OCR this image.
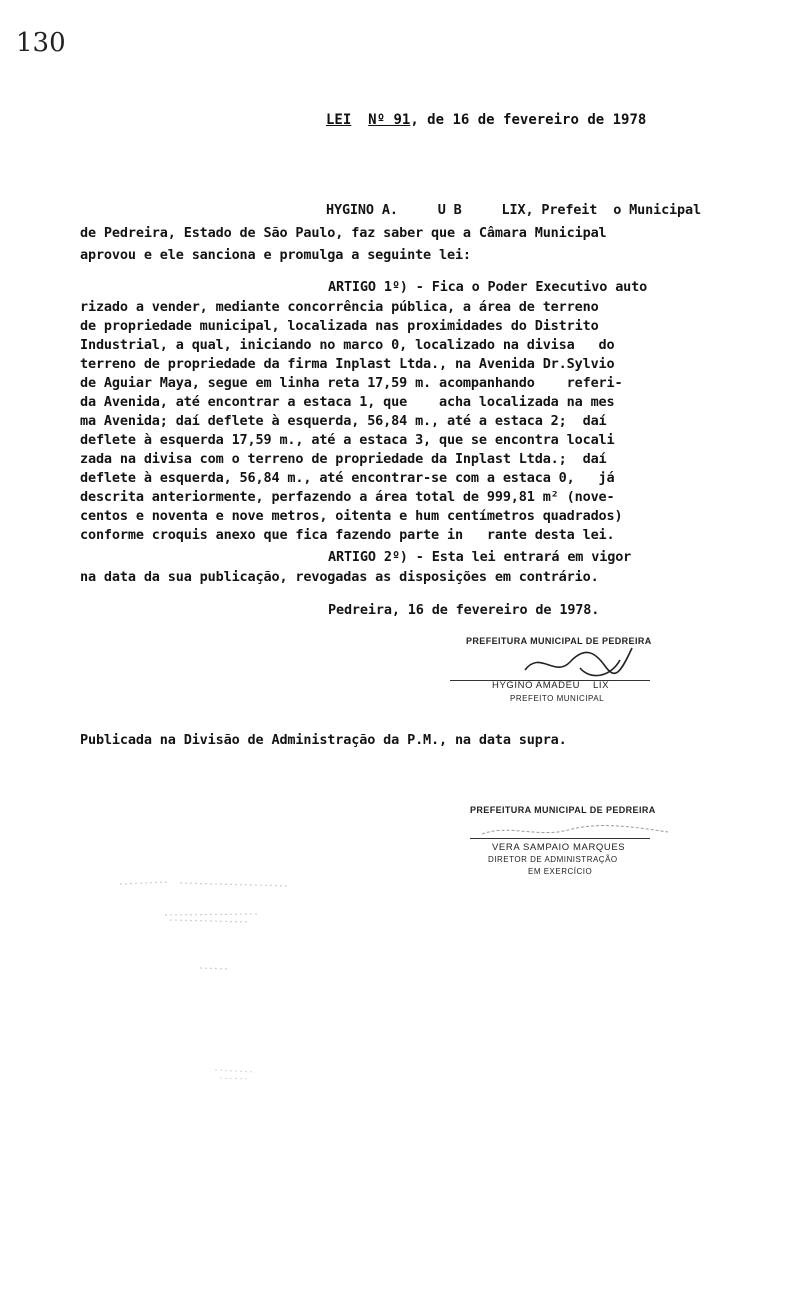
130
LEI Nº 91, de 16 de fevereiro de 1978
HYGINO A.     U B     LIX, Prefeit  o Municipal
de Pedreira, Estado de São Paulo, faz saber que a Câmara Municipal
aprovou e ele sanciona e promulga a seguinte lei:
ARTIGO 1º) - Fica o Poder Executivo auto
rizado a vender, mediante concorrência pública, a área de terreno
de propriedade municipal, localizada nas proximidades do Distrito
Industrial, a qual, iniciando no marco 0, localizado na divisa   do
terreno de propriedade da firma Inplast Ltda., na Avenida Dr.Sylvio
de Aguiar Maya, segue em linha reta 17,59 m. acompanhando    referi-
da Avenida, até encontrar a estaca 1, que    acha localizada na mes
ma Avenida; daí deflete à esquerda, 56,84 m., até a estaca 2;  daí
deflete à esquerda 17,59 m., até a estaca 3, que se encontra locali
zada na divisa com o terreno de propriedade da Inplast Ltda.;  daí
deflete à esquerda, 56,84 m., até encontrar-se com a estaca 0,   já
descrita anteriormente, perfazendo a área total de 999,81 m² (nove-
centos e noventa e nove metros, oitenta e hum centímetros quadrados)
conforme croquis anexo que fica fazendo parte in   rante desta lei.
ARTIGO 2º) - Esta lei entrará em vigor
na data da sua publicação, revogadas as disposições em contrário.
Pedreira, 16 de fevereiro de 1978.
PREFEITURA MUNICIPAL DE PEDREIRA
HYGINO AMADEU    LIX
PREFEITO MUNICIPAL
Publicada na Divisão de Administração da P.M., na data supra.
PREFEITURA MUNICIPAL DE PEDREIRA
VERA SAMPAIO MARQUES
DIRETOR DE ADMINISTRAÇÃO
EM EXERCÍCIO
